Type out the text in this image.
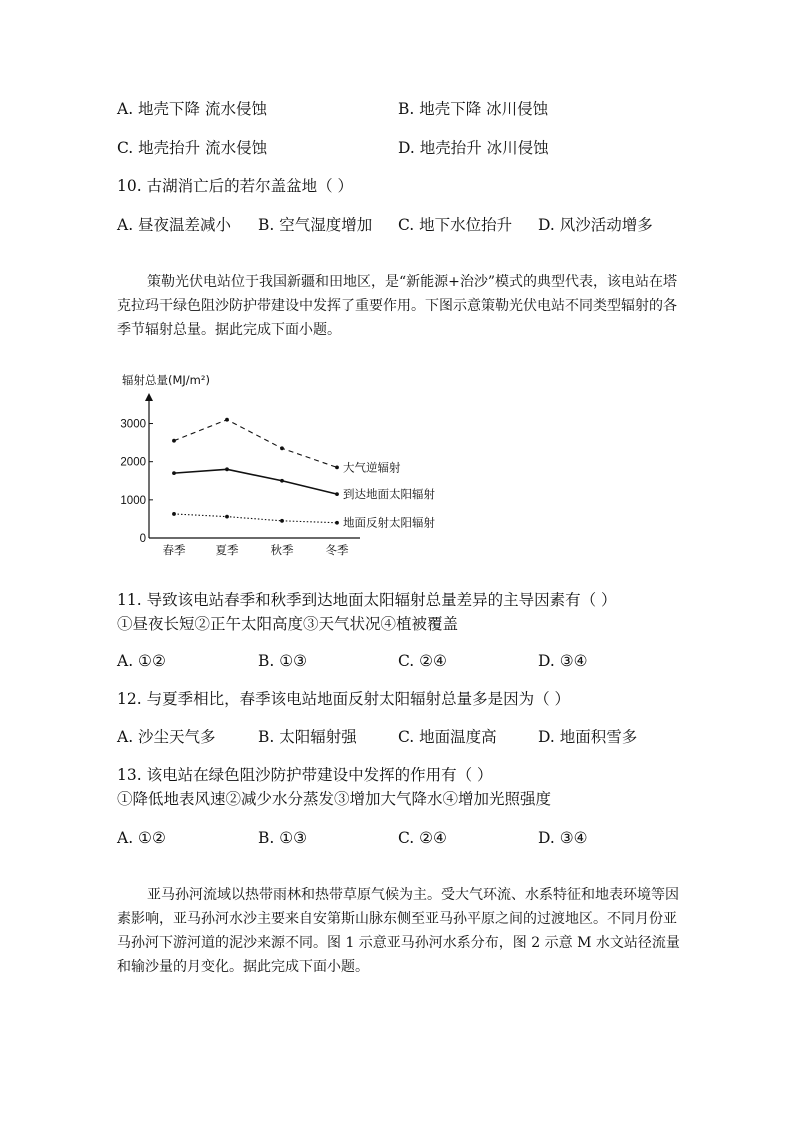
A. 地壳下降 流水侵蚀	B. 地壳下降 冰川侵蚀
C. 地壳抬升 流水侵蚀	D. 地壳抬升 冰川侵蚀
10. 古湖消亡后的若尔盖盆地（ ）
A. 昼夜温差减小 B. 空气湿度增加 C. 地下水位抬升 D. 风沙活动增多

策勒光伏电站位于我国新疆和田地区，是“新能源+治沙”模式的典型代表，该电站在塔克拉玛干绿色阻沙防护带建设中发挥了重要作用。下图示意策勒光伏电站不同类型辐射的各季节辐射总量。据此完成下面小题。

辐射总量(MJ/m²)
0
1000
2000
3000
春季	夏季	秋季	冬季
大气逆辐射
到达地面太阳辐射
地面反射太阳辐射
11. 导致该电站春季和秋季到达地面太阳辐射总量差异的主导因素有（ ）
①昼夜长短②正午太阳高度③天气状况④植被覆盖
A. ①②	B. ①③	C. ②④	D. ③④
12. 与夏季相比，春季该电站地面反射太阳辐射总量多是因为（ ）
A. 沙尘天气多	B. 太阳辐射强	C. 地面温度高	D. 地面积雪多
13. 该电站在绿色阻沙防护带建设中发挥的作用有（ ）
①降低地表风速②减少水分蒸发③增加大气降水④增加光照强度
A. ①②	B. ①③	C. ②④	D. ③④

亚马孙河流域以热带雨林和热带草原气候为主。受大气环流、水系特征和地表环境等因素影响，亚马孙河水沙主要来自安第斯山脉东侧至亚马孙平原之间的过渡地区。不同月份亚马孙河下游河道的泥沙来源不同。图 1 示意亚马孙河水系分布，图 2 示意 M 水文站径流量和输沙量的月变化。据此完成下面小题。
